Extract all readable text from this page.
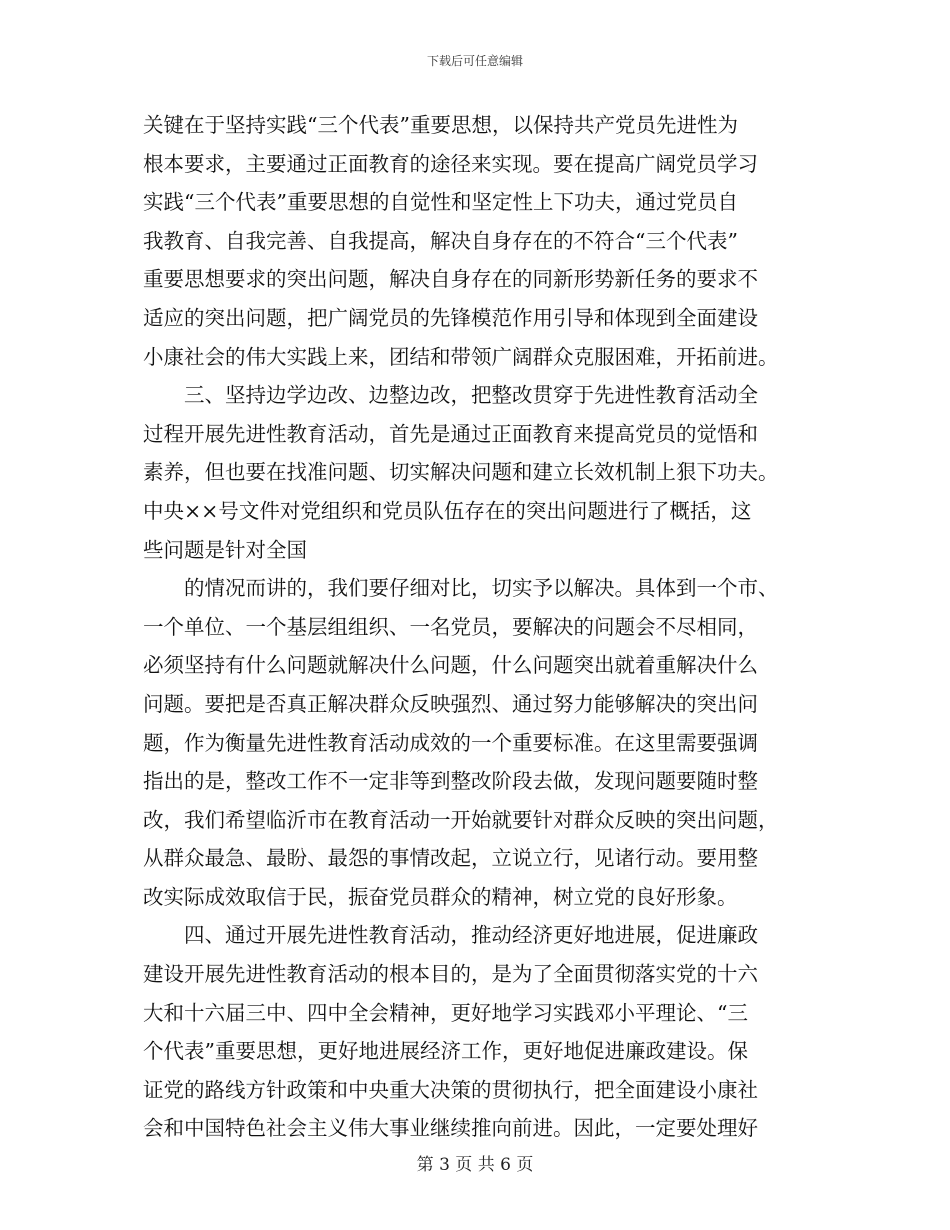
下载后可任意编辑
关键在于坚持实践“三个代表”重要思想，以保持共产党员先进性为
根本要求，主要通过正面教育的途径来实现。要在提高广阔党员学习
实践“三个代表”重要思想的自觉性和坚定性上下功夫，通过党员自
我教育、自我完善、自我提高，解决自身存在的不符合“三个代表”
重要思想要求的突出问题，解决自身存在的同新形势新任务的要求不
适应的突出问题，把广阔党员的先锋模范作用引导和体现到全面建设
小康社会的伟大实践上来，团结和带领广阔群众克服困难，开拓前进。
　　三、坚持边学边改、边整边改，把整改贯穿于先进性教育活动全
过程开展先进性教育活动，首先是通过正面教育来提高党员的觉悟和
素养，但也要在找准问题、切实解决问题和建立长效机制上狠下功夫。
中央××号文件对党组织和党员队伍存在的突出问题进行了概括，这
些问题是针对全国
　　的情况而讲的，我们要仔细对比，切实予以解决。具体到一个市、
一个单位、一个基层组组织、一名党员，要解决的问题会不尽相同，
必须坚持有什么问题就解决什么问题，什么问题突出就着重解决什么
问题。要把是否真正解决群众反映强烈、通过努力能够解决的突出问
题，作为衡量先进性教育活动成效的一个重要标准。在这里需要强调
指出的是，整改工作不一定非等到整改阶段去做，发现问题要随时整
改，我们希望临沂市在教育活动一开始就要针对群众反映的突出问题，
从群众最急、最盼、最怨的事情改起，立说立行，见诸行动。要用整
改实际成效取信于民，振奋党员群众的精神，树立党的良好形象。
　　四、通过开展先进性教育活动，推动经济更好地进展，促进廉政
建设开展先进性教育活动的根本目的，是为了全面贯彻落实党的十六
大和十六届三中、四中全会精神，更好地学习实践邓小平理论、“三
个代表”重要思想，更好地进展经济工作，更好地促进廉政建设。保
证党的路线方针政策和中央重大决策的贯彻执行，把全面建设小康社
会和中国特色社会主义伟大事业继续推向前进。因此，一定要处理好
第 3 页 共 6 页
